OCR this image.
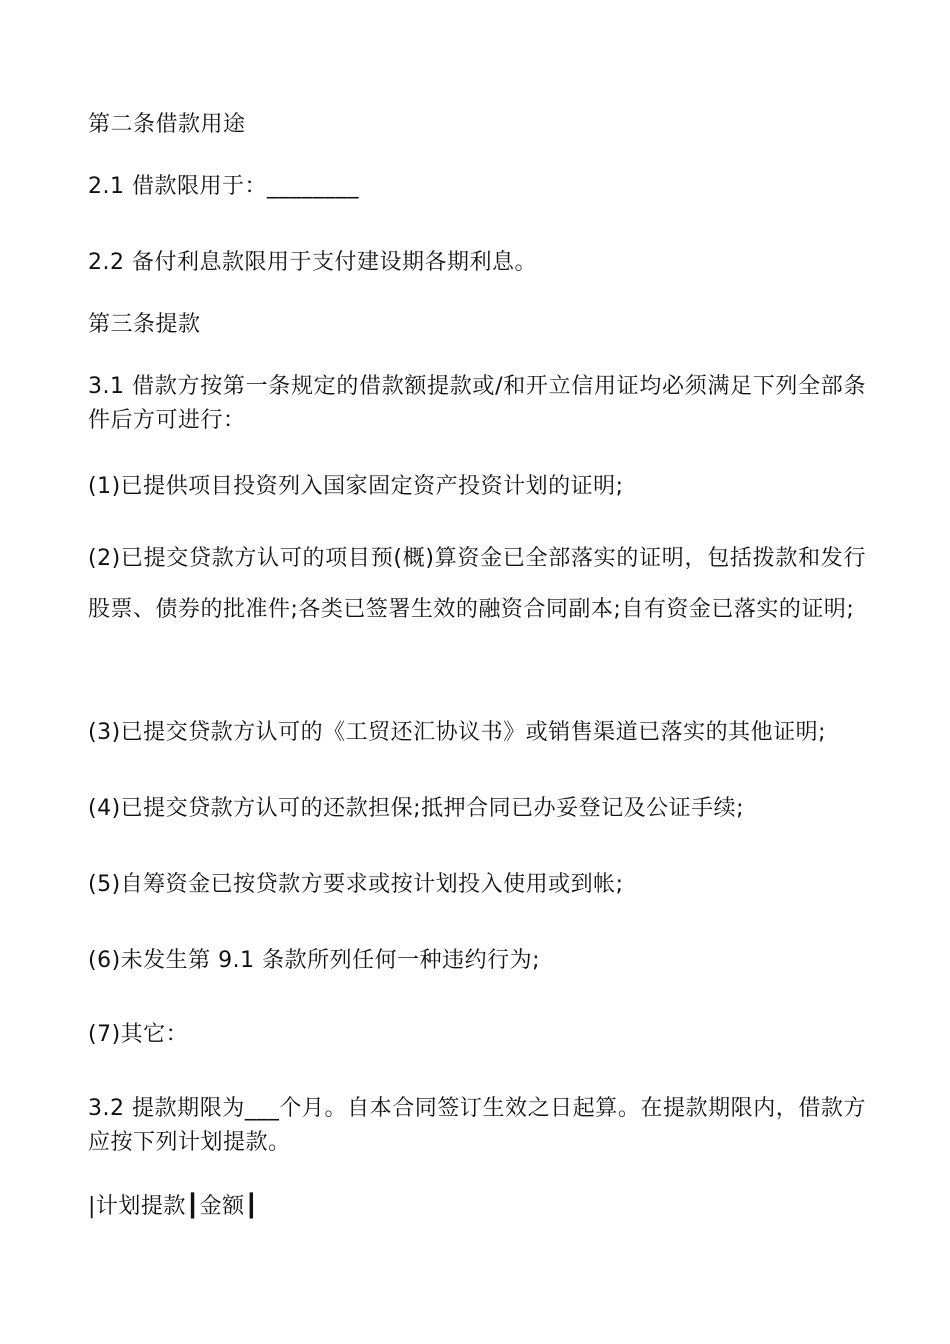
第二条借款用途
2.1 借款限用于：________
2.2 备付利息款限用于支付建设期各期利息。
第三条提款
3.1 借款方按第一条规定的借款额提款或/和开立信用证均必须满足下列全部条件后方可进行：
(1)已提供项目投资列入国家固定资产投资计划的证明;
(2)已提交贷款方认可的项目预(概)算资金已全部落实的证明，包括拨款和发行股票、债券的批准件;各类已签署生效的融资合同副本;自有资金已落实的证明;
(3)已提交贷款方认可的《工贸还汇协议书》或销售渠道已落实的其他证明;
(4)已提交贷款方认可的还款担保;抵押合同已办妥登记及公证手续;
(5)自筹资金已按贷款方要求或按计划投入使用或到帐;
(6)未发生第 9.1 条款所列任何一种违约行为;
(7)其它：
3.2 提款期限为___个月。自本合同签订生效之日起算。在提款期限内，借款方应按下列计划提款。
|计划提款┃金额┃
